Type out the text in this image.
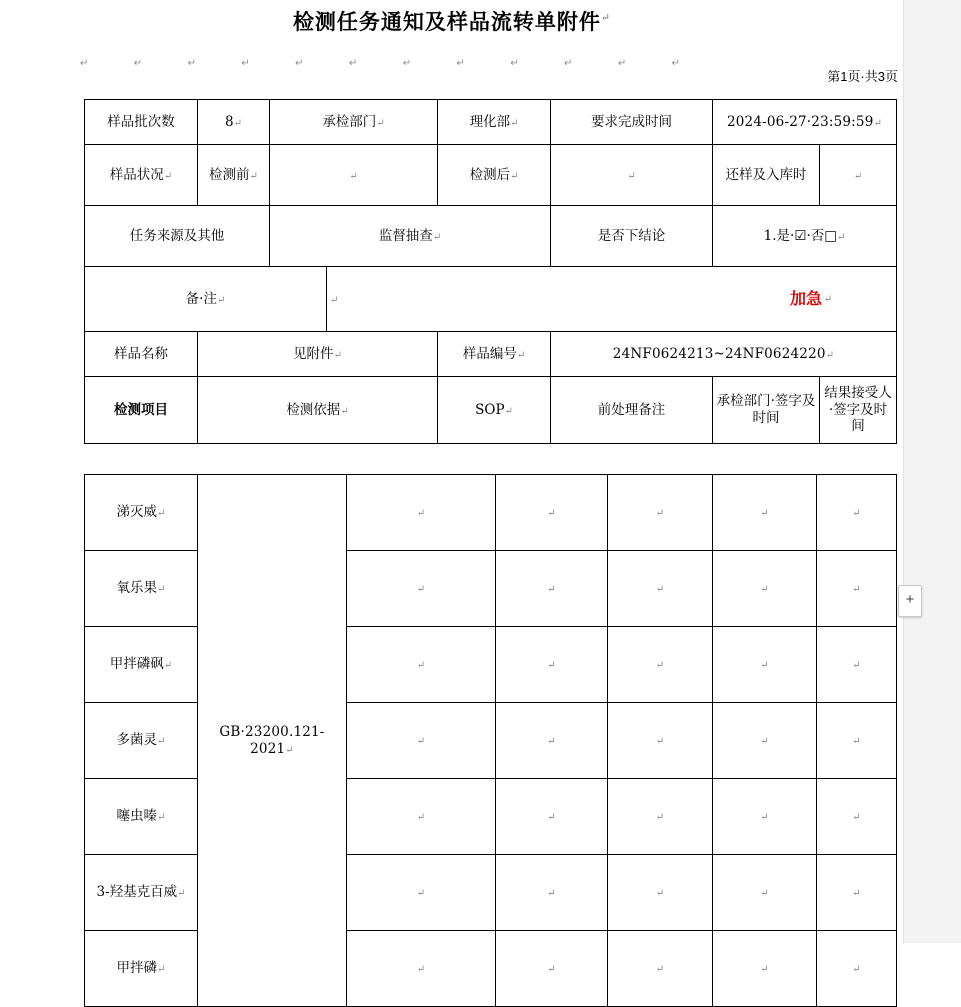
检测任务通知及样品流转单附件↵
↵	↵	↵	↵	↵	↵	↵	↵	↵	↵	↵	↵
第1页·共3页
样品批次数	8↵	承检部门↵		理化部↵	要求完成时间	2024-06-27·23:59:59↵	
样品状况↵	检测前↵	↵		检测后↵	↵	还样及入库时	↵
任务来源及其他		监督抽查↵			是否下结论	1.是·☑·否□↵	
备·注↵			↵ 加急 ↵				

样品名称	见附件↵			样品编号↵	24NF0624213~24NF0624220↵		
检测项目	检测依据↵			SOP↵	前处理备注	承检部门·签字及时间	结果接受人·签字及时间
涕灭威↵	GB·23200.121-2021↵	↵	↵	↵	↵	↵
氧乐果↵		↵	↵	↵	↵	↵
甲拌磷砜↵		↵	↵	↵	↵	↵
多菌灵↵		↵	↵	↵	↵	↵
噻虫嗪↵		↵	↵	↵	↵	↵
3-羟基克百威↵		↵	↵	↵	↵	↵
甲拌磷↵		↵	↵	↵	↵	↵
+
